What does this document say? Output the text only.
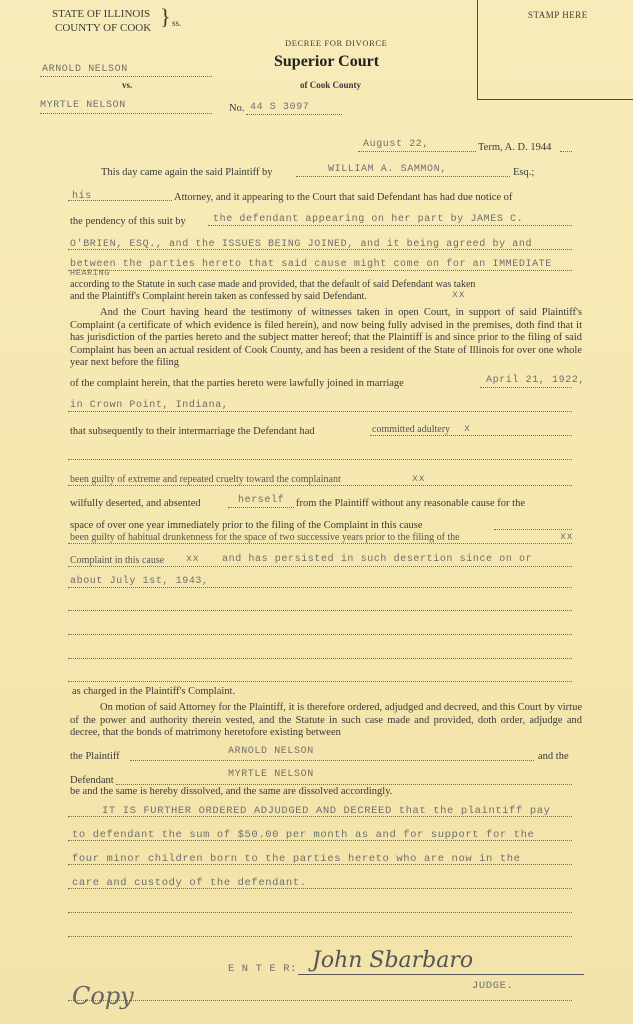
STATE OF ILLINOIS
COUNTY OF COOK } ss.
STAMP HERE
DECREE FOR DIVORCE
Superior Court
of Cook County
ARNOLD NELSON
vs.
MYRTLE NELSON	No. 44 S 3097
August 22,	Term, A. D. 1944
This day came again the said Plaintiff by	WILLIAM A. SAMMON,	Esq.;
his	Attorney, and it appearing to the Court that said Defendant has had due notice of
the pendency of this suit by	the defendant appearing on her part by JAMES C.
O'BRIEN, ESQ., and the ISSUES BEING JOINED, and it being agreed by and
between the parties hereto that said cause might come on for an IMMEDIATE
HEARING
according to the Statute in such case made and provided, that the default of said Defendant was taken
and the Plaintiff's Complaint herein taken as confessed by said Defendant.	xx
And the Court having heard the testimony of witnesses taken in open Court, in support of said Plaintiff's Complaint (a certificate of which evidence is filed herein), and now being fully advised in the premises, doth find that it has jurisdiction of the parties hereto and the subject matter hereof; that the Plaintiff is and since prior to the filing of said Complaint has been an actual resident of Cook County, and has been a resident of the State of Illinois for over one whole year next before the filing
of the complaint herein, that the parties hereto were lawfully joined in marriage	April 21, 1922,
in Crown Point, Indiana,
that subsequently to their intermarriage the Defendant had	committed adultery x
been guilty of extreme and repeated cruelty toward the complainant	xx
wilfully deserted, and absented	herself from the Plaintiff without any reasonable cause for the
space of over one year immediately prior to the filing of the Complaint in this cause
been guilty of habitual drunkenness for the space of two successive years prior to the filing of the	xx
Complaint in this cause xx and has persisted in such desertion since on or
about July 1st, 1943,
as charged in the Plaintiff's Complaint.
On motion of said Attorney for the Plaintiff, it is therefore ordered, adjudged and decreed, and this Court by virtue of the power and authority therein vested, and the Statute in such case made and provided, doth order, adjudge and decree, that the bonds of matrimony heretofore existing between
the Plaintiff	ARNOLD NELSON	and the
Defendant
MYRTLE NELSON
be and the same is hereby dissolved, and the same are dissolved accordingly.
IT IS FURTHER ORDERED ADJUDGED AND DECREED that the plaintiff pay
to defendant the sum of $50.00 per month as and for support for the
four minor children born to the parties hereto who are now in the
care and custody of the defendant.
E N T E R: John Sbarbaro
JUDGE.
Copy
